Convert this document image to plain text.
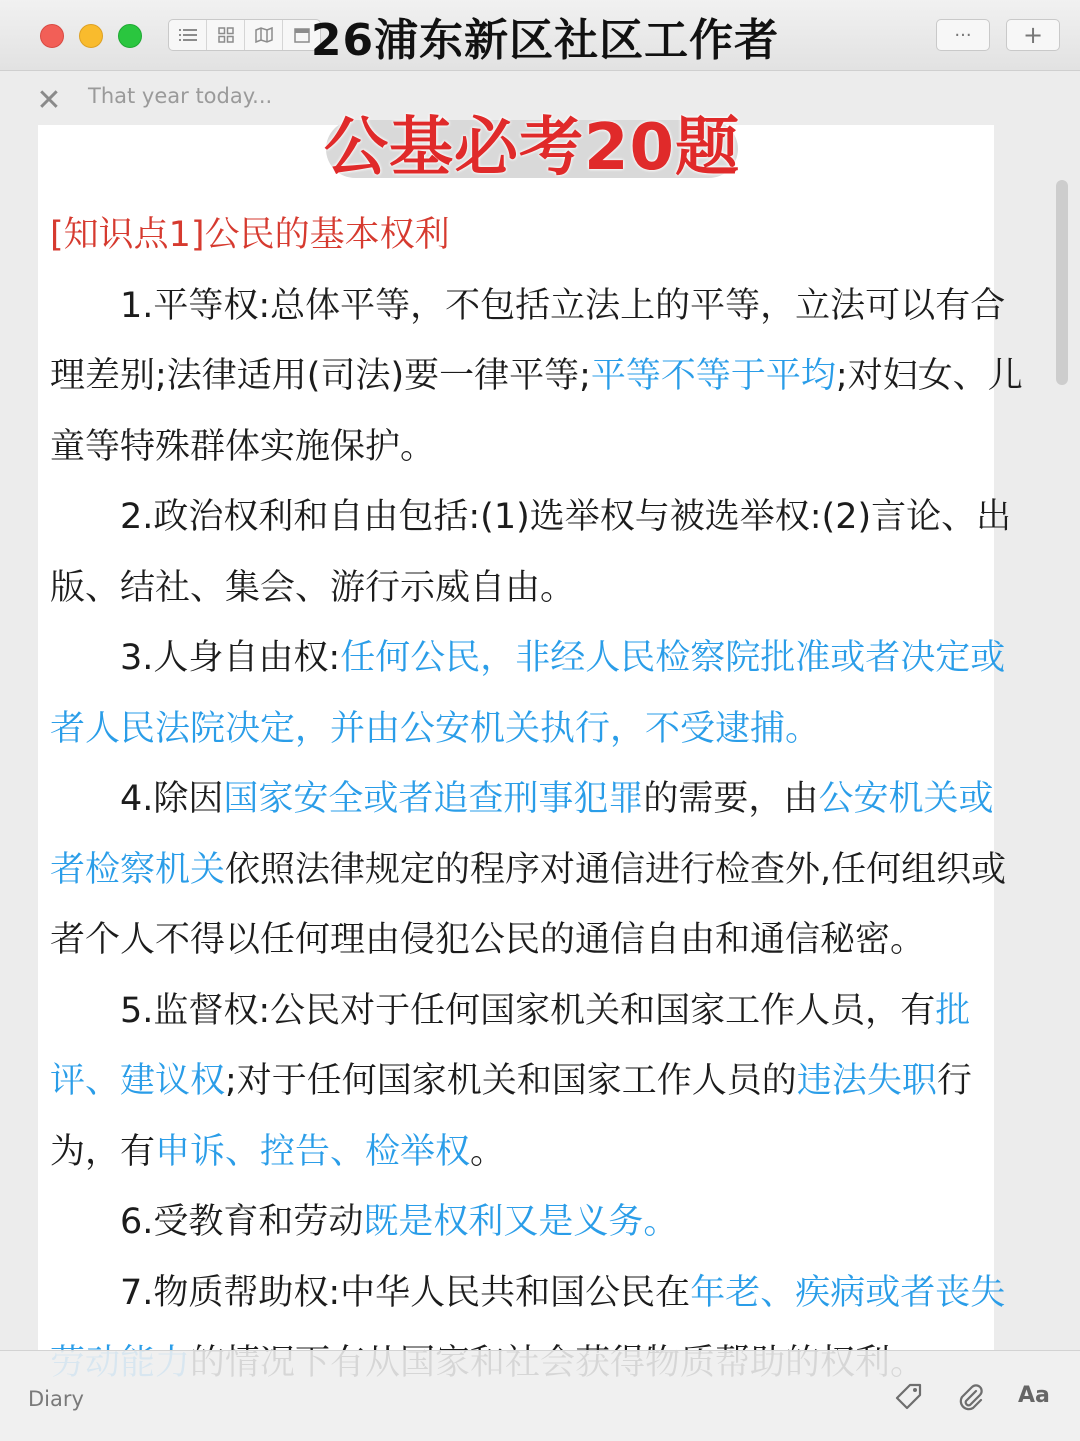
26浦东新区社区工作者	···	+
✕ That year today...
公基必考20题

[知识点1]公民的基本权利

1.平等权:总体平等，不包括立法上的平等，立法可以有合理差别;法律适用(司法)要一律平等;平等不等于平均;对妇女、儿童等特殊群体实施保护。

2.政治权利和自由包括:(1)选举权与被选举权:(2)言论、出版、结社、集会、游行示威自由。

3.人身自由权:任何公民，非经人民检察院批准或者决定或者人民法院决定，并由公安机关执行，不受逮捕。

4.除因国家安全或者追查刑事犯罪的需要，由公安机关或者检察机关依照法律规定的程序对通信进行检查外,任何组织或者个人不得以任何理由侵犯公民的通信自由和通信秘密。

5.监督权:公民对于任何国家机关和国家工作人员，有批评、建议权;对于任何国家机关和国家工作人员的违法失职行为，有申诉、控告、检举权。

6.受教育和劳动既是权利又是义务。

7.物质帮助权:中华人民共和国公民在年老、疾病或者丧失

Diary	Aa
